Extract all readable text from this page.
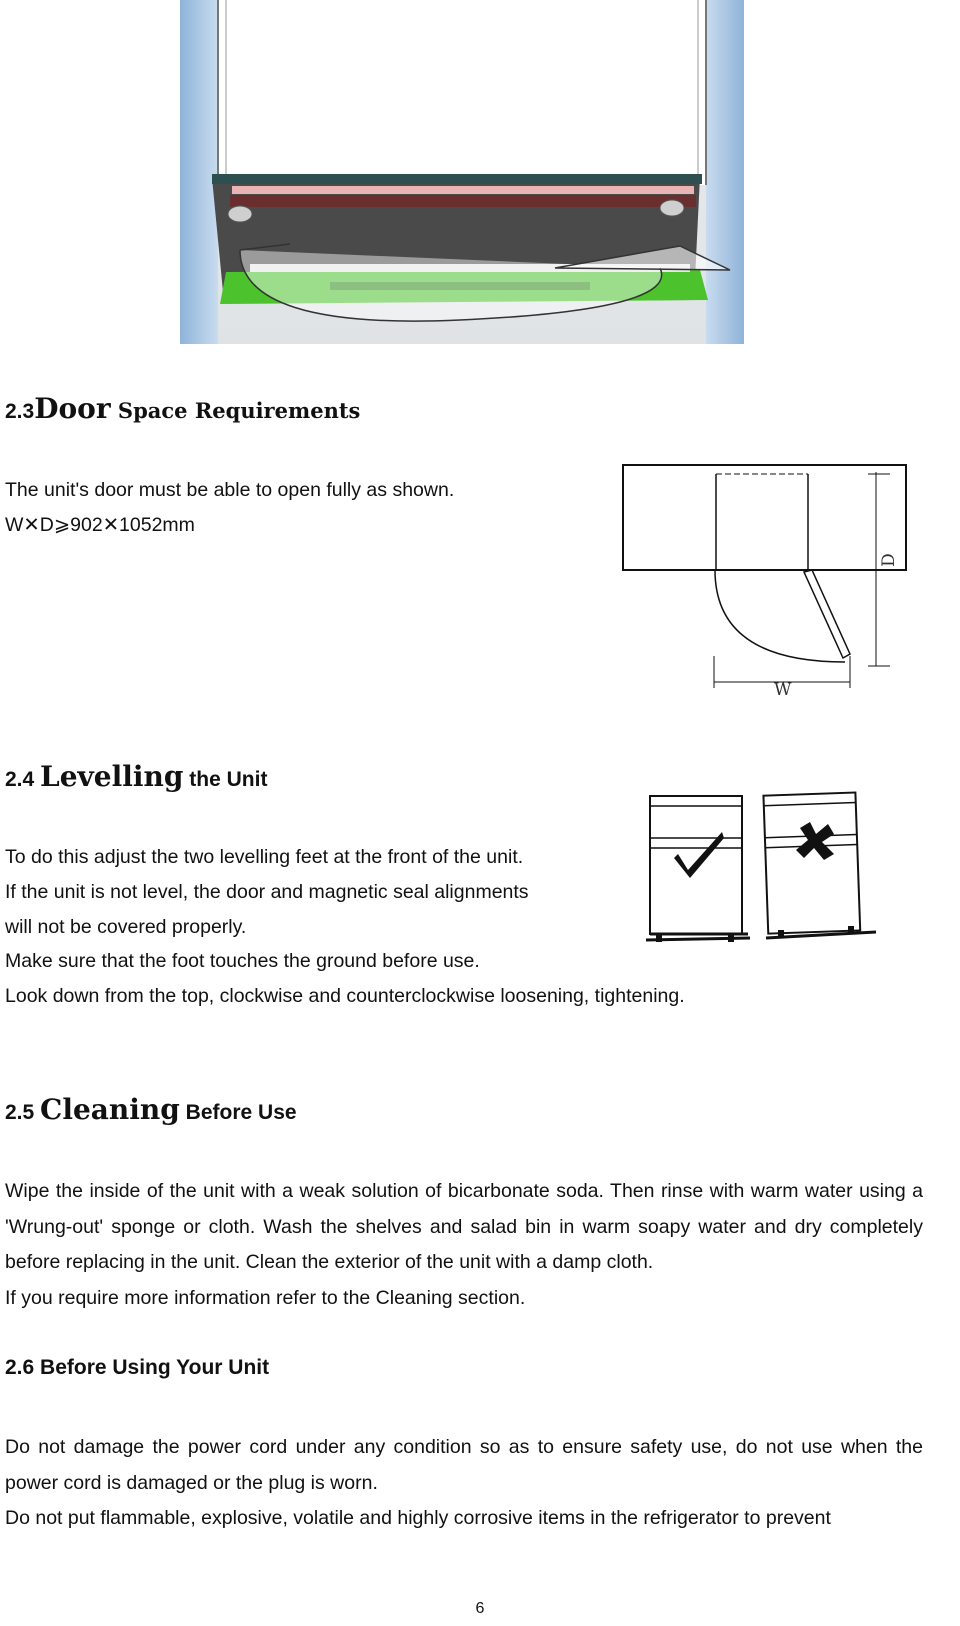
2.3Door Space Requirements
The unit's door must be able to open fully as shown.
W✕D⩾902✕1052mm
W
D
2.4 Levelling the Unit
To do this adjust the two levelling feet at the front of the unit.
If the unit is not level, the door and magnetic seal alignments
will not be covered properly.
Make sure that the foot touches the ground before use.
Look down from the top, clockwise and counterclockwise loosening, tightening.
2.5 Cleaning Before Use

Wipe the inside of the unit with a weak solution of bicarbonate soda. Then rinse with warm water using a 'Wrung-out' sponge or cloth. Wash the shelves and salad bin in warm soapy water and dry completely before replacing in the unit. Clean the exterior of the unit with a damp cloth.

If you require more information refer to the Cleaning section.

2.6 Before Using Your Unit

Do not damage the power cord under any condition so as to ensure safety use, do not use when the power cord is damaged or the plug is worn.

Do not put flammable, explosive, volatile and highly corrosive items in the refrigerator to prevent

6
